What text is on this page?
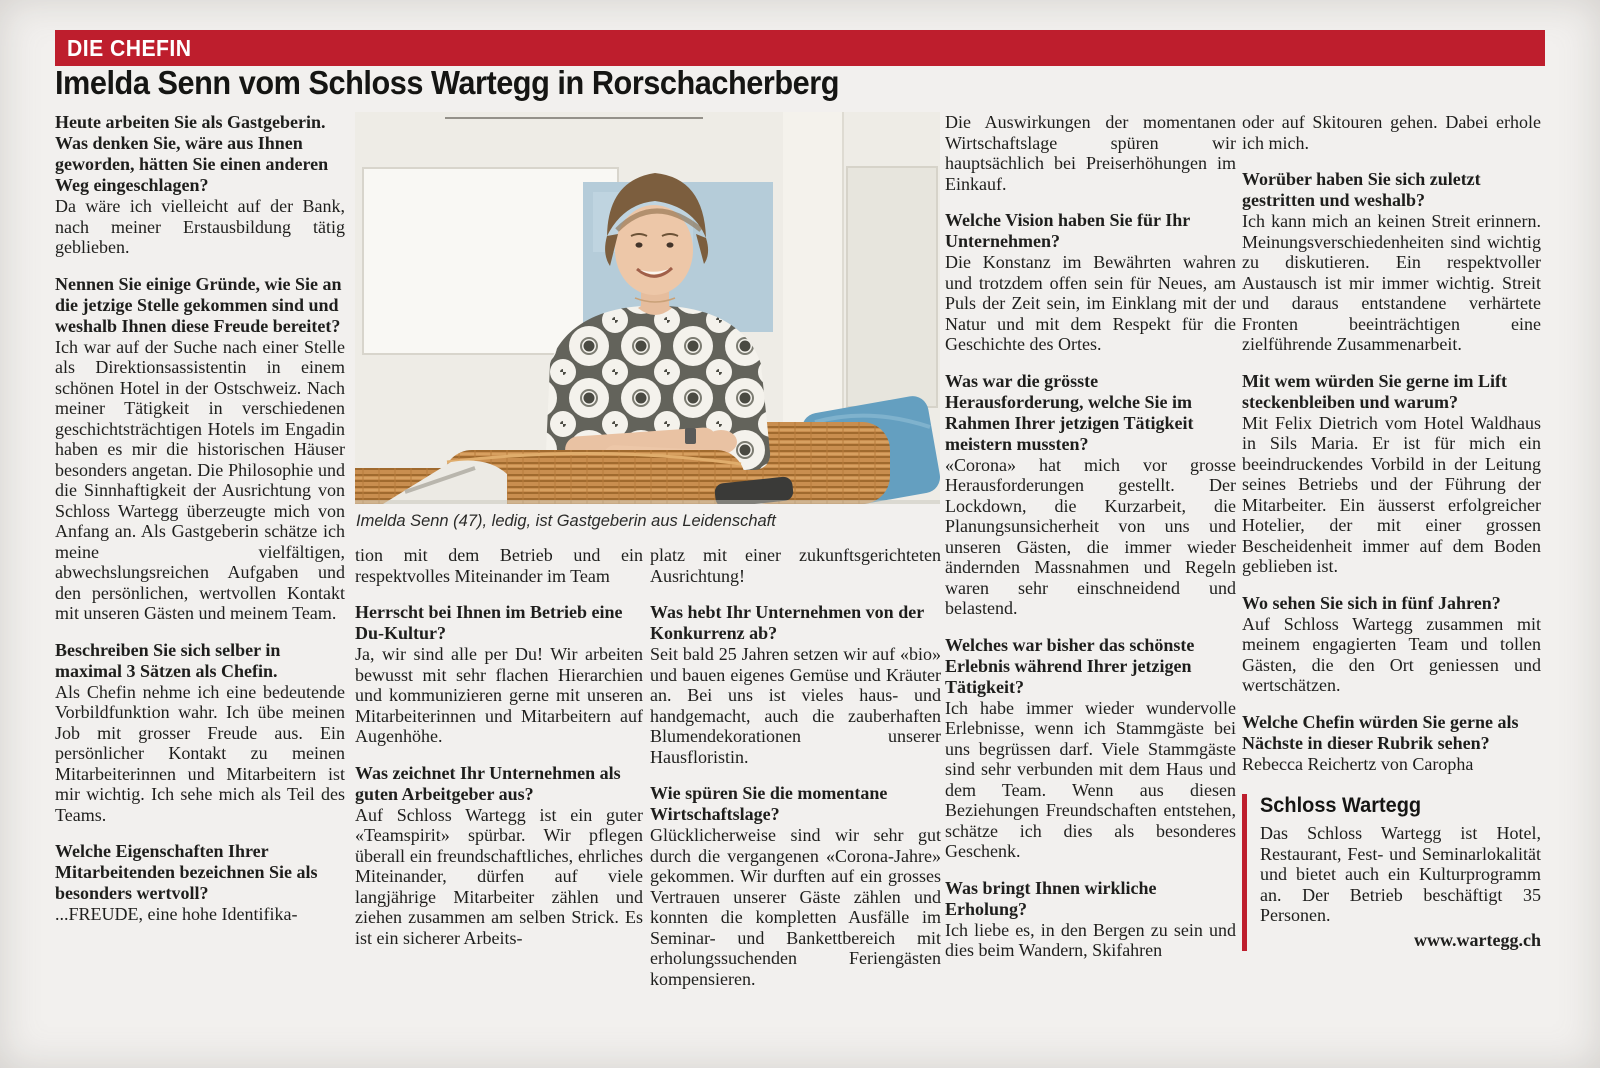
DIE CHEFIN
Imelda Senn vom Schloss Wartegg in Rorschacherberg

Heute arbeiten Sie als Gastgeberin. Was denken Sie, wäre aus Ihnen geworden, hätten Sie einen anderen Weg eingeschlagen?

Da wäre ich vielleicht auf der Bank, nach meiner Erstausbildung tätig geblieben.

Nennen Sie einige Gründe, wie Sie an die jetzige Stelle gekommen sind und weshalb Ihnen diese Freude bereitet?

Ich war auf der Suche nach einer Stelle als Direktionsassistentin in einem schönen Hotel in der Ostschweiz. Nach meiner Tätigkeit in verschiedenen geschichtsträchtigen Hotels im Engadin haben es mir die historischen Häuser besonders angetan. Die Philosophie und die Sinnhaftigkeit der Ausrichtung von Schloss Wartegg überzeugte mich von Anfang an. Als Gastgeberin schätze ich meine vielfältigen, abwechslungsreichen Aufgaben und den persönlichen, wertvollen Kontakt mit unseren Gästen und meinem Team.

Beschreiben Sie sich selber in maximal 3 Sätzen als Chefin.

Als Chefin nehme ich eine bedeutende Vorbildfunktion wahr. Ich übe meinen Job mit grosser Freude aus. Ein persönlicher Kontakt zu meinen Mitarbeiterinnen und Mitarbeitern ist mir wichtig. Ich sehe mich als Teil des Teams.

Welche Eigenschaften Ihrer Mitarbeitenden bezeichnen Sie als besonders wertvoll?

...FREUDE, eine hohe Identifika-

Imelda Senn (47), ledig, ist Gastgeberin aus Leidenschaft

tion mit dem Betrieb und ein respektvolles Miteinander im Team

Herrscht bei Ihnen im Betrieb eine Du-Kultur?

Ja, wir sind alle per Du! Wir arbeiten bewusst mit sehr flachen Hierarchien und kommunizieren gerne mit unseren Mitarbeiterinnen und Mitarbeitern auf Augenhöhe.

Was zeichnet Ihr Unternehmen als guten Arbeitgeber aus?

Auf Schloss Wartegg ist ein guter «Teamspirit» spürbar. Wir pflegen überall ein freundschaftliches, ehrliches Miteinander, dürfen auf viele langjährige Mitarbeiter zählen und ziehen zusammen am selben Strick. Es ist ein sicherer Arbeits-

platz mit einer zukunftsgerichteten Ausrichtung!

Was hebt Ihr Unternehmen von der Konkurrenz ab?

Seit bald 25 Jahren setzen wir auf «bio» und bauen eigenes Gemüse und Kräuter an. Bei uns ist vieles haus- und handgemacht, auch die zauberhaften Blumendekorationen unserer Hausfloristin.

Wie spüren Sie die momentane Wirtschaftslage?

Glücklicherweise sind wir sehr gut durch die vergangenen «Corona-Jahre» gekommen. Wir durften auf ein grosses Vertrauen unserer Gäste zählen und konnten die kompletten Ausfälle im Seminar- und Bankettbereich mit erholungssuchenden Feriengästen kompensieren.

Die Auswirkungen der momentanen Wirtschaftslage spüren wir hauptsächlich bei Preiserhöhungen im Einkauf.

Welche Vision haben Sie für Ihr Unternehmen?

Die Konstanz im Bewährten wahren und trotzdem offen sein für Neues, am Puls der Zeit sein, im Einklang mit der Natur und mit dem Respekt für die Geschichte des Ortes.

Was war die grösste Herausforderung, welche Sie im Rahmen Ihrer jetzigen Tätigkeit meistern mussten?

«Corona» hat mich vor grosse Herausforderungen gestellt. Der Lockdown, die Kurzarbeit, die Planungsunsicherheit von uns und unseren Gästen, die immer wieder ändernden Massnahmen und Regeln waren sehr einschneidend und belastend.

Welches war bisher das schönste Erlebnis während Ihrer jetzigen Tätigkeit?

Ich habe immer wieder wundervolle Erlebnisse, wenn ich Stammgäste bei uns begrüssen darf. Viele Stammgäste sind sehr verbunden mit dem Haus und dem Team. Wenn aus diesen Beziehungen Freundschaften entstehen, schätze ich dies als besonderes Geschenk.

Was bringt Ihnen wirkliche Erholung?

Ich liebe es, in den Bergen zu sein und dies beim Wandern, Skifahren

oder auf Skitouren gehen. Dabei erhole ich mich.

Worüber haben Sie sich zuletzt gestritten und weshalb?

Ich kann mich an keinen Streit erinnern. Meinungsverschiedenheiten sind wichtig zu diskutieren. Ein respektvoller Austausch ist mir immer wichtig. Streit und daraus entstandene verhärtete Fronten beeinträchtigen eine zielführende Zusammenarbeit.

Mit wem würden Sie gerne im Lift steckenbleiben und warum?

Mit Felix Dietrich vom Hotel Waldhaus in Sils Maria. Er ist für mich ein beeindruckendes Vorbild in der Leitung seines Betriebs und der Führung der Mitarbeiter. Ein äusserst erfolgreicher Hotelier, der mit einer grossen Bescheidenheit immer auf dem Boden geblieben ist.

Wo sehen Sie sich in fünf Jahren?

Auf Schloss Wartegg zusammen mit meinem engagierten Team und tollen Gästen, die den Ort geniessen und wertschätzen.

Welche Chefin würden Sie gerne als Nächste in dieser Rubrik sehen?

Rebecca Reichertz von Caropha

Schloss Wartegg

Das Schloss Wartegg ist Hotel, Restaurant, Fest- und Seminarlokalität und bietet auch ein Kulturprogramm an. Der Betrieb beschäftigt 35 Personen.

www.wartegg.ch
